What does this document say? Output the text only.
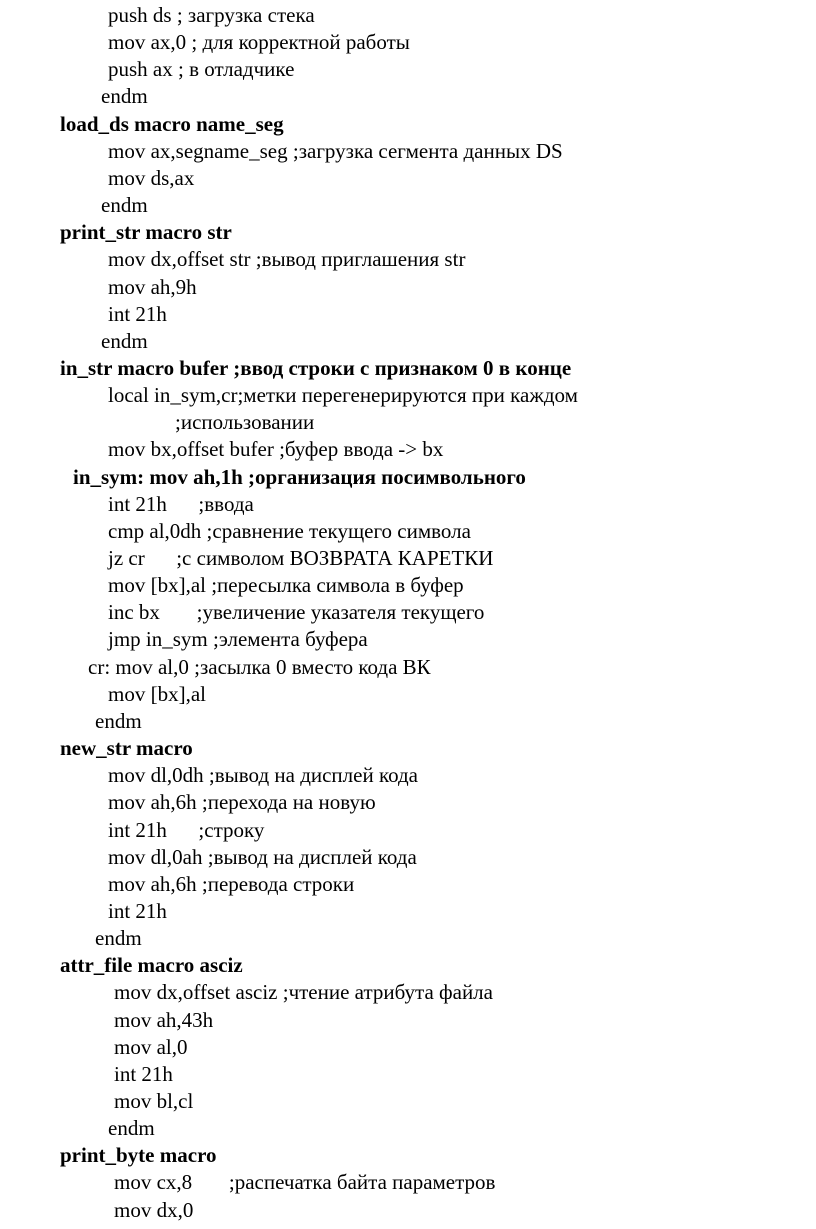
push ds ; загрузка стека
mov ax,0 ; для корректной работы
push ax ; в отладчике
endm
load_ds macro name_seg
mov ax,segname_seg ;загрузка сегмента данных DS
mov ds,ax
endm
print_str macro str
mov dx,offset str ;вывод приглашения str
mov ah,9h
int 21h
endm
in_str macro bufer ;ввод строки с признаком 0 в конце
local in_sym,cr;метки перегенерируются при каждом
;использовании
mov bx,offset bufer ;буфер ввода -> bx
in_sym: mov ah,1h ;организация посимвольного
int 21h      ;ввода
cmp al,0dh ;сравнение текущего символа
jz cr      ;с символом ВОЗВРАТА КАРЕТКИ
mov [bx],al ;пересылка символа в буфер
inc bx       ;увеличение указателя текущего
jmp in_sym ;элемента буфера
cr: mov al,0 ;засылка 0 вместо кода ВК
mov [bx],al
endm
new_str macro
mov dl,0dh ;вывод на дисплей кода
mov ah,6h ;перехода на новую
int 21h      ;строку
mov dl,0ah ;вывод на дисплей кода
mov ah,6h ;перевода строки
int 21h
endm
attr_file macro asciz
mov dx,offset asciz ;чтение атрибута файла
mov ah,43h
mov al,0
int 21h
mov bl,cl
endm
print_byte macro
mov cx,8       ;распечатка байта параметров
mov dx,0
